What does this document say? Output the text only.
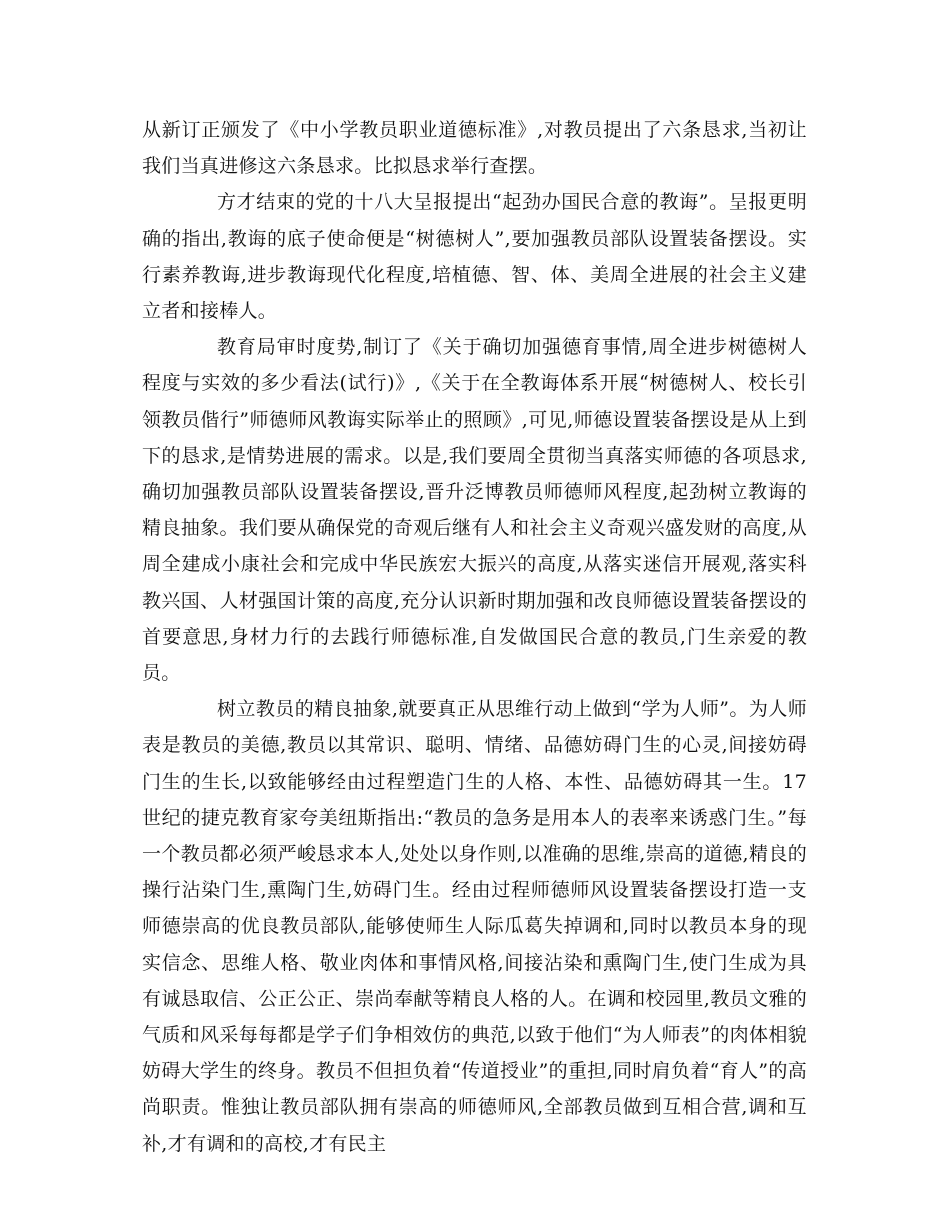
从新订正颁发了《中小学教员职业道德标准》,对教员提出了六条恳求,当初让我们当真进修这六条恳求。比拟恳求举行查摆。

方才结束的党的十八大呈报提出“起劲办国民合意的教诲”。呈报更明确的指出,教诲的底子使命便是“树德树人”,要加强教员部队设置装备摆设。实行素养教诲,进步教诲现代化程度,培植德、智、体、美周全进展的社会主义建立者和接棒人。

教育局审时度势,制订了《关于确切加强德育事情,周全进步树德树人程度与实效的多少看法(试行)》,《关于在全教诲体系开展“树德树人、校长引领教员偕行”师德师风教诲实际举止的照顾》,可见,师德设置装备摆设是从上到下的恳求,是情势进展的需求。以是,我们要周全贯彻当真落实师德的各项恳求,确切加强教员部队设置装备摆设,晋升泛博教员师德师风程度,起劲树立教诲的精良抽象。我们要从确保党的奇观后继有人和社会主义奇观兴盛发财的高度,从周全建成小康社会和完成中华民族宏大振兴的高度,从落实迷信开展观,落实科教兴国、人材强国计策的高度,充分认识新时期加强和改良师德设置装备摆设的首要意思,身材力行的去践行师德标准,自发做国民合意的教员,门生亲爱的教员。

树立教员的精良抽象,就要真正从思维行动上做到“学为人师”。为人师表是教员的美德,教员以其常识、聪明、情绪、品德妨碍门生的心灵,间接妨碍门生的生长,以致能够经由过程塑造门生的人格、本性、品德妨碍其一生。17世纪的捷克教育家夸美纽斯指出:“教员的急务是用本人的表率来诱惑门生。”每一个教员都必须严峻恳求本人,处处以身作则,以准确的思维,崇高的道德,精良的操行沾染门生,熏陶门生,妨碍门生。经由过程师德师风设置装备摆设打造一支师德崇高的优良教员部队,能够使师生人际瓜葛失掉调和,同时以教员本身的现实信念、思维人格、敬业肉体和事情风格,间接沾染和熏陶门生,使门生成为具有诚恳取信、公正公正、崇尚奉献等精良人格的人。在调和校园里,教员文雅的气质和风采每每都是学子们争相效仿的典范,以致于他们“为人师表”的肉体相貌妨碍大学生的终身。教员不但担负着“传道授业”的重担,同时肩负着“育人”的高尚职责。惟独让教员部队拥有崇高的师德师风,全部教员做到互相合营,调和互补,才有调和的高校,才有民主
